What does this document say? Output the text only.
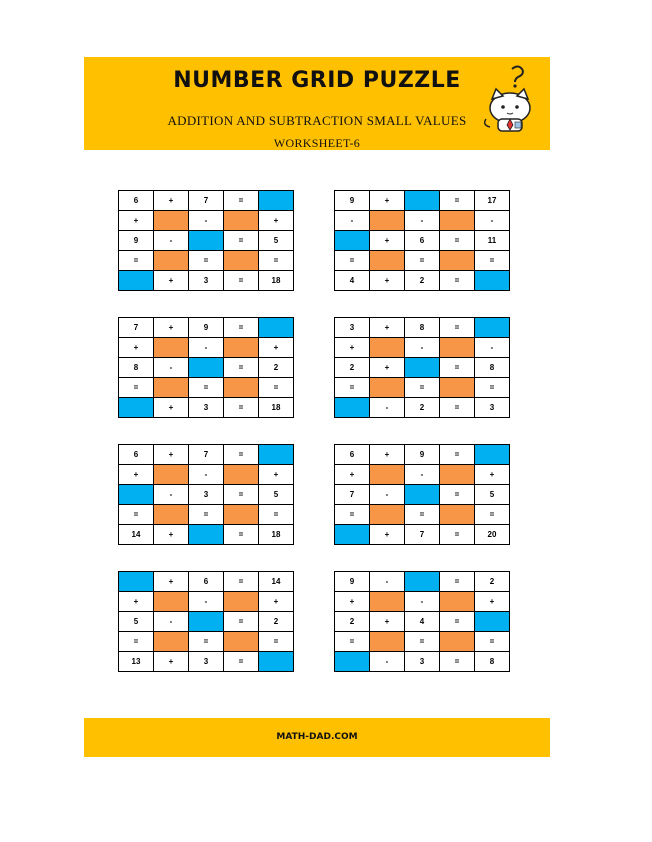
NUMBER GRID PUZZLE
ADDITION AND SUBTRACTION SMALL VALUES
WORKSHEET-6
6	+	7	=	
+		-		+
9	-		=	5
=		=		=
	+	3	=	18
9	+		=	17
-		-		-
	+	6	=	11
=		=		=
4	+	2	=	
7	+	9	=	
+		-		+
8	-		=	2
=		=		=
	+	3	=	18
3	+	8	=	
+		-		-
2	+		=	8
=		=		=
	-	2	=	3
6	+	7	=	
+		-		+
	-	3	=	5
=		=		=
14	+		=	18
6	+	9	=	
+		-		+
7	-		=	5
=		=		=
	+	7	=	20
	+	6	=	14
+		-		+
5	-		=	2
=		=		=
13	+	3	=	
9	-		=	2
+		-		+
2	+	4	=	
=		=		=
	-	3	=	8
MATH-DAD.COM
